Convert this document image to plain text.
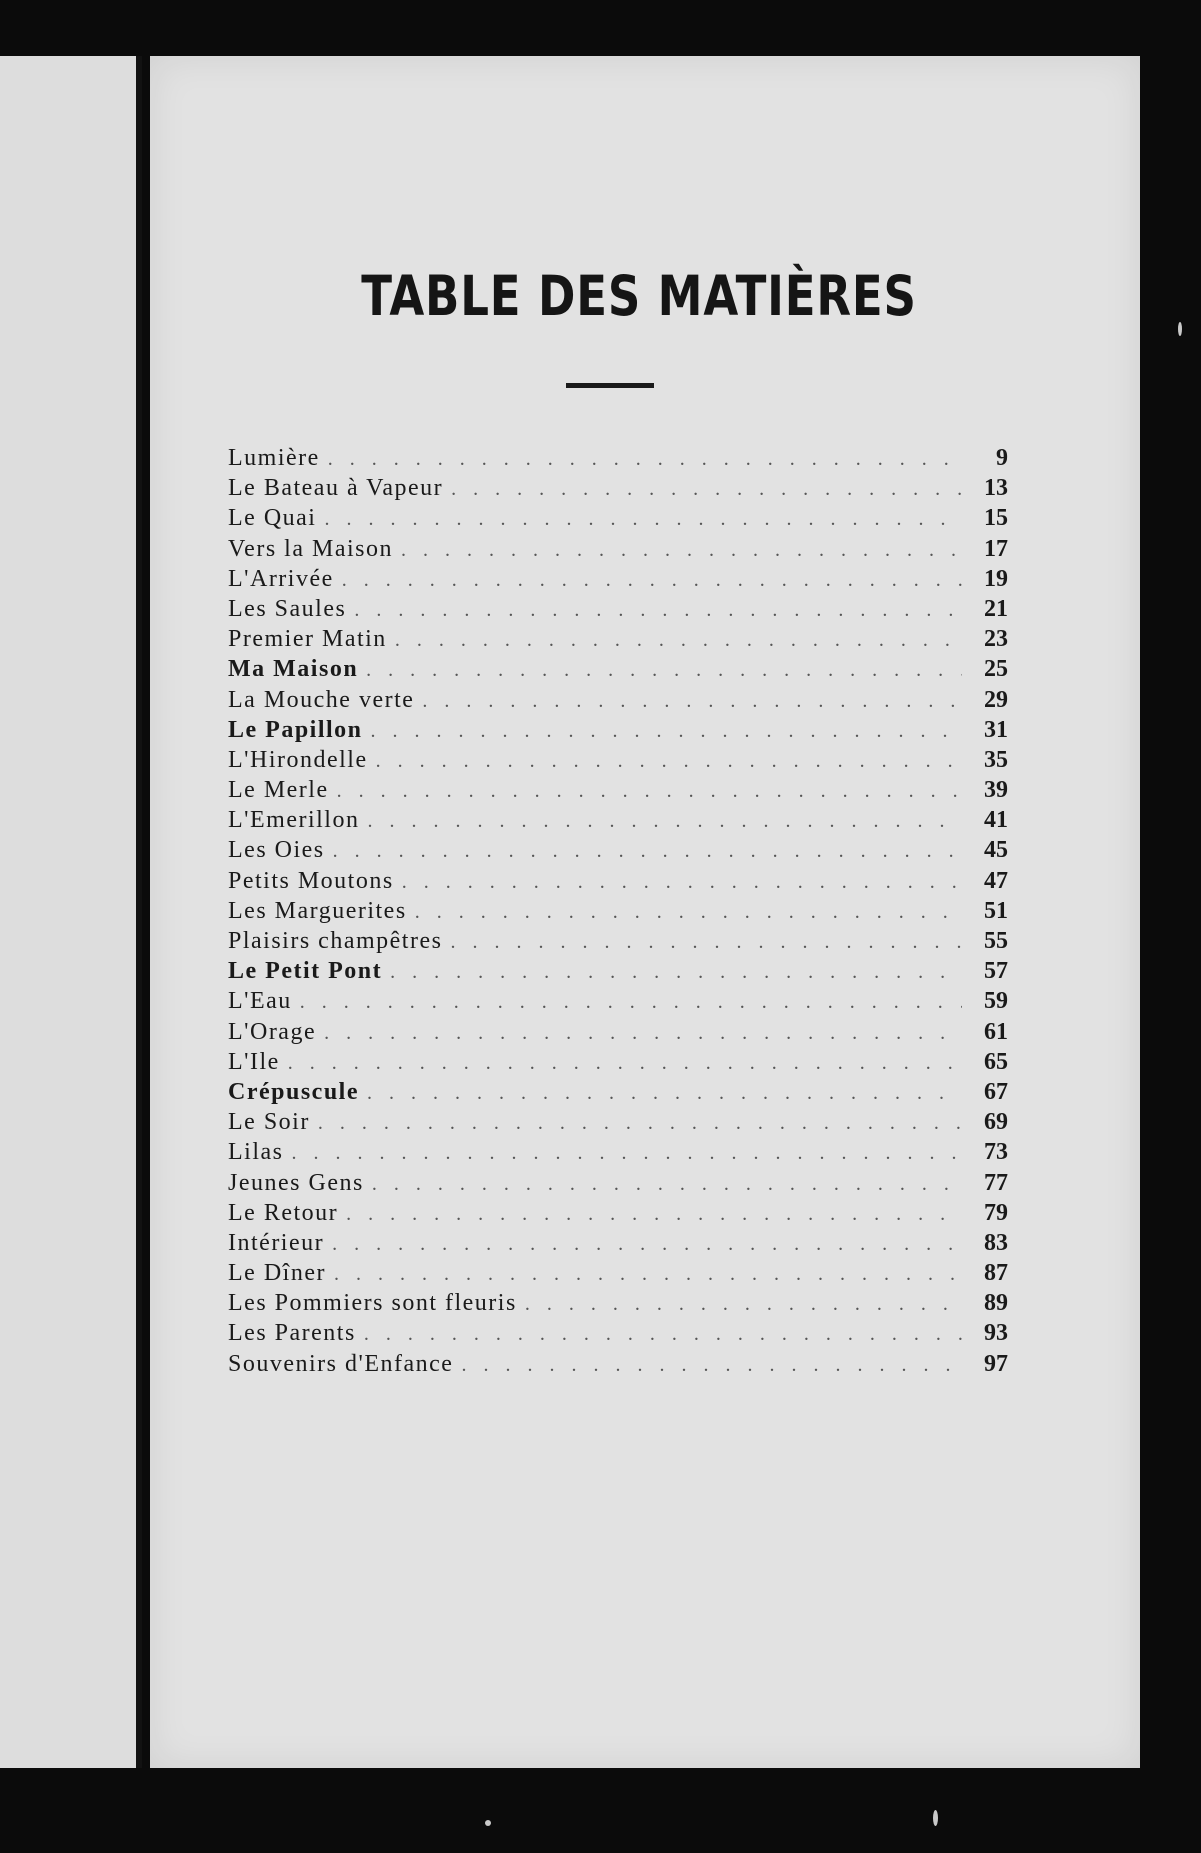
TABLE DES MATIÈRES
Lumière . . .	9
Le Bateau à Vapeur . . .	13
Le Quai . . .	15
Vers la Maison . . .	17
L'Arrivée . . .	19
Les Saules . . .	21
Premier Matin . . .	23
Ma Maison . . .	25
La Mouche verte . . .	29
Le Papillon . . .	31
L'Hirondelle . . .	35
Le Merle . . .	39
L'Emerillon . . .	41
Les Oies . . .	45
Petits Moutons . . .	47
Les Marguerites . . .	51
Plaisirs champêtres . . .	55
Le Petit Pont . . .	57
L'Eau . . .	59
L'Orage . . .	61
L'Ile . . .	65
Crépuscule . . .	67
Le Soir . . .	69
Lilas . . .	73
Jeunes Gens . . .	77
Le Retour . . .	79
Intérieur . . .	83
Le Dîner . . .	87
Les Pommiers sont fleuris . . .	89
Les Parents . . .	93
Souvenirs d'Enfance . . .	97
